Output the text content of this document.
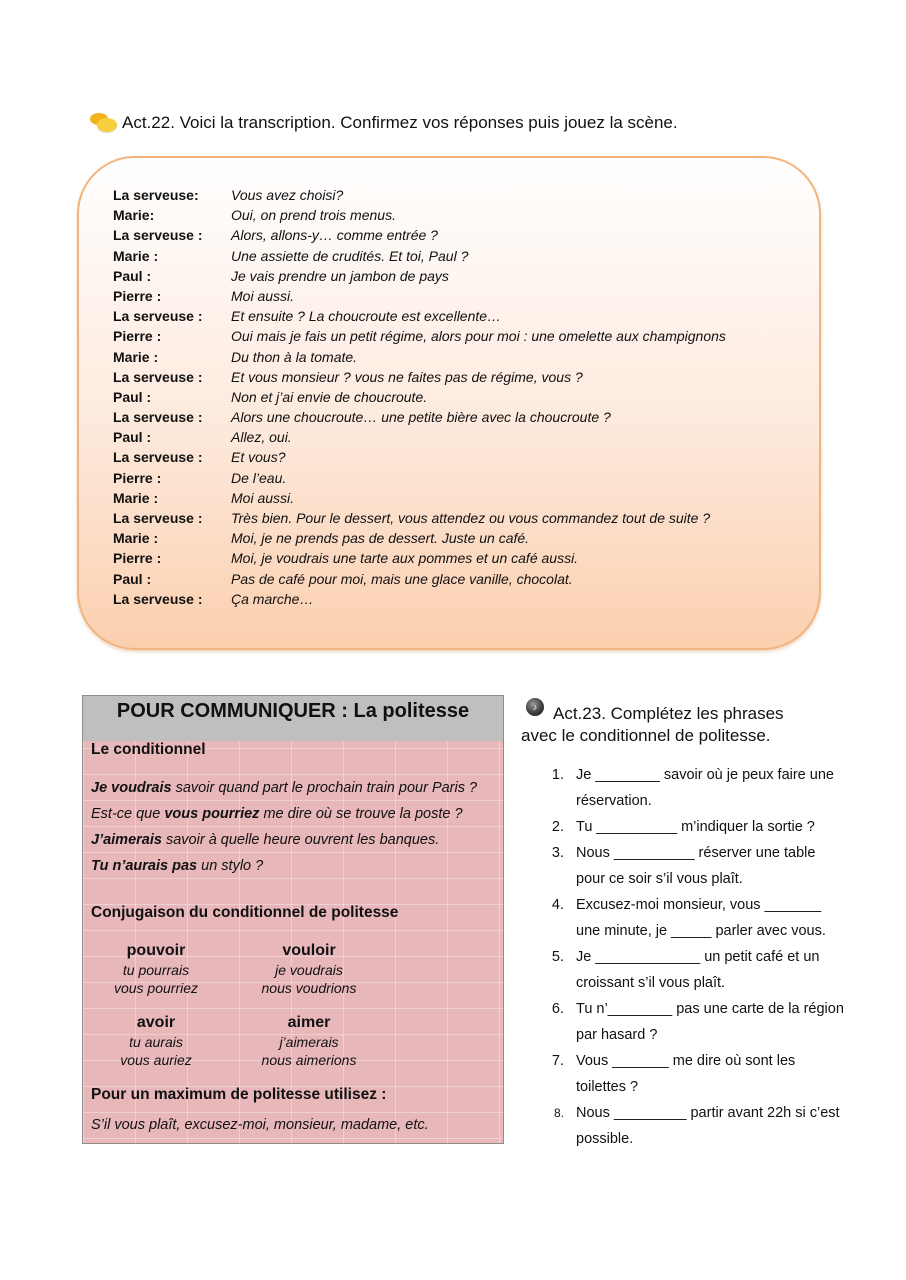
Act.22. Voici la transcription. Confirmez vos réponses puis jouez la scène.
La serveuse:	Vous avez choisi?
Marie:	Oui, on prend trois menus.
La serveuse :	Alors, allons-y… comme entrée ?
Marie :	Une assiette de crudités. Et toi, Paul ?
Paul :	Je vais prendre un jambon de pays
Pierre :	Moi aussi.
La serveuse :	Et ensuite ? La choucroute est excellente…
Pierre :	Oui mais je fais un petit régime, alors pour moi : une omelette aux champignons
Marie :	Du thon à la tomate.
La serveuse :	Et vous monsieur ? vous ne faites pas de régime, vous ?
Paul :	Non et j’ai envie de choucroute.
La serveuse :	Alors une choucroute… une petite bière avec la choucroute ?
Paul :	Allez, oui.
La serveuse :	Et vous?
Pierre :	De l’eau.
Marie :	Moi aussi.
La serveuse :	Très bien. Pour le dessert, vous attendez ou vous commandez tout de suite ?
Marie :	Moi, je ne prends pas de dessert. Juste un café.
Pierre :	Moi, je voudrais une tarte aux pommes et un café aussi.
Paul :	Pas de café pour moi, mais une glace vanille, chocolat.
La serveuse :	Ça marche…
POUR COMMUNIQUER : La politesse
Le conditionnel
Je voudrais savoir quand part le prochain train pour Paris ?
Est-ce que vous pourriez me dire où se trouve la poste ?
J’aimerais savoir à quelle heure ouvrent les banques.
Tu n’aurais pas un stylo ?
Conjugaison du conditionnel de politesse
pouvoir
tu pourrais
vous pourriez
vouloir
je voudrais
nous voudrions
avoir
tu aurais
vous auriez
aimer
j’aimerais
nous aimerions
Pour un maximum de politesse utilisez :
S’il vous plaît, excusez-moi, monsieur, madame, etc.
♪ Act.23. Complétez les phrases
avec le conditionnel de politesse.
1. Je ________ savoir où je peux faire une réservation.
2. Tu __________ m’indiquer la sortie ?
3. Nous __________ réserver une table pour ce soir s’il vous plaît.
4. Excusez-moi monsieur, vous _______ une minute, je _____ parler avec vous.
5. Je _____________ un petit café et un croissant s’il vous plaît.
6. Tu n’________ pas une carte de la région par hasard ?
7. Vous _______ me dire où sont les toilettes ?
8. Nous _________ partir avant 22h si c’est possible.
